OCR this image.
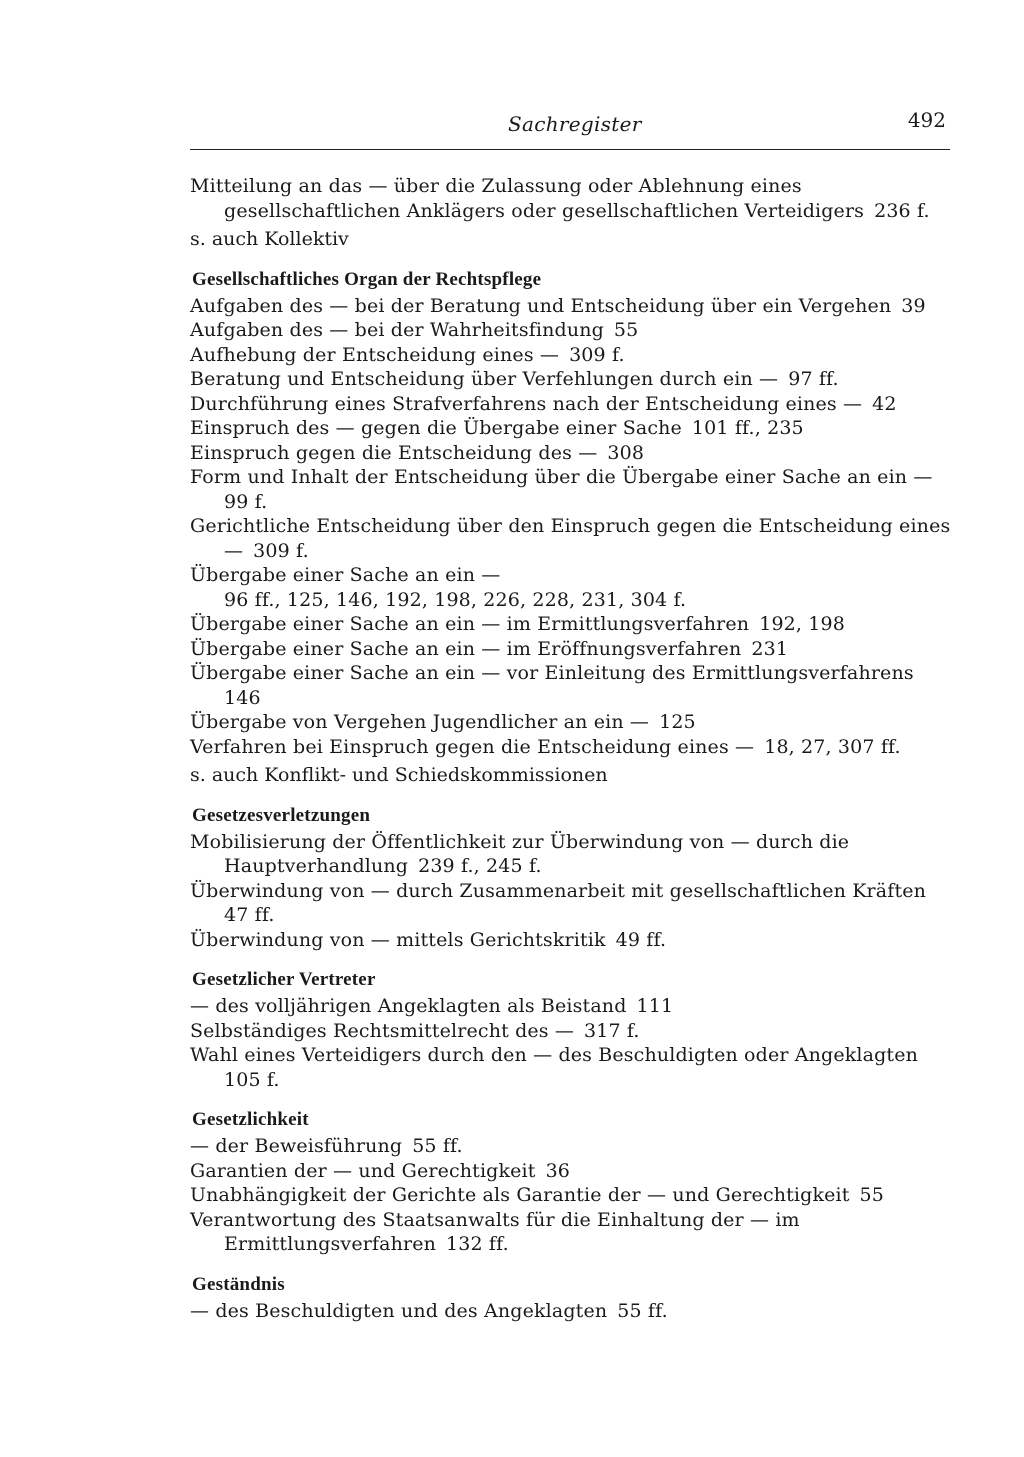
Sachregister	492

Mitteilung an das — über die Zulassung oder Ablehnung eines gesellschaftlichen Anklägers oder gesellschaftlichen Verteidigers 236 f.

s. auch Kollektiv

Gesellschaftliches Organ der Rechtspflege

Aufgaben des — bei der Beratung und Entscheidung über ein Vergehen 39

Aufgaben des — bei der Wahrheitsfindung 55

Aufhebung der Entscheidung eines — 309 f.

Beratung und Entscheidung über Verfehlungen durch ein — 97 ff.

Durchführung eines Strafverfahrens nach der Entscheidung eines — 42

Einspruch des — gegen die Übergabe einer Sache 101 ff., 235

Einspruch gegen die Entscheidung des — 308

Form und Inhalt der Entscheidung über die Übergabe einer Sache an ein —99 f.

Gerichtliche Entscheidung über den Einspruch gegen die Entscheidung eines — 309 f.

Übergabe einer Sache an ein —96 ff., 125, 146, 192, 198, 226, 228, 231, 304 f.

Übergabe einer Sache an ein — im Ermittlungsverfahren 192, 198

Übergabe einer Sache an ein — im Eröffnungsverfahren 231

Übergabe einer Sache an ein — vor Einleitung des Ermittlungsverfahrens146

Übergabe von Vergehen Jugendlicher an ein — 125

Verfahren bei Einspruch gegen die Entscheidung eines — 18, 27, 307 ff.

s. auch Konflikt- und Schiedskommissionen

Gesetzesverletzungen

Mobilisierung der Öffentlichkeit zur Überwindung von — durch die Hauptverhandlung 239 f., 245 f.

Überwindung von — durch Zusammenarbeit mit gesellschaftlichen Kräften47 ff.

Überwindung von — mittels Gerichtskritik 49 ff.

Gesetzlicher Vertreter

— des volljährigen Angeklagten als Beistand 111

Selbständiges Rechtsmittelrecht des — 317 f.

Wahl eines Verteidigers durch den — des Beschuldigten oder Angeklagten105 f.

Gesetzlichkeit

— der Beweisführung 55 ff.

Garantien der — und Gerechtigkeit 36

Unabhängigkeit der Gerichte als Garantie der — und Gerechtigkeit 55

Verantwortung des Staatsanwalts für die Einhaltung der — im Ermittlungsverfahren 132 ff.

Geständnis

— des Beschuldigten und des Angeklagten 55 ff.
